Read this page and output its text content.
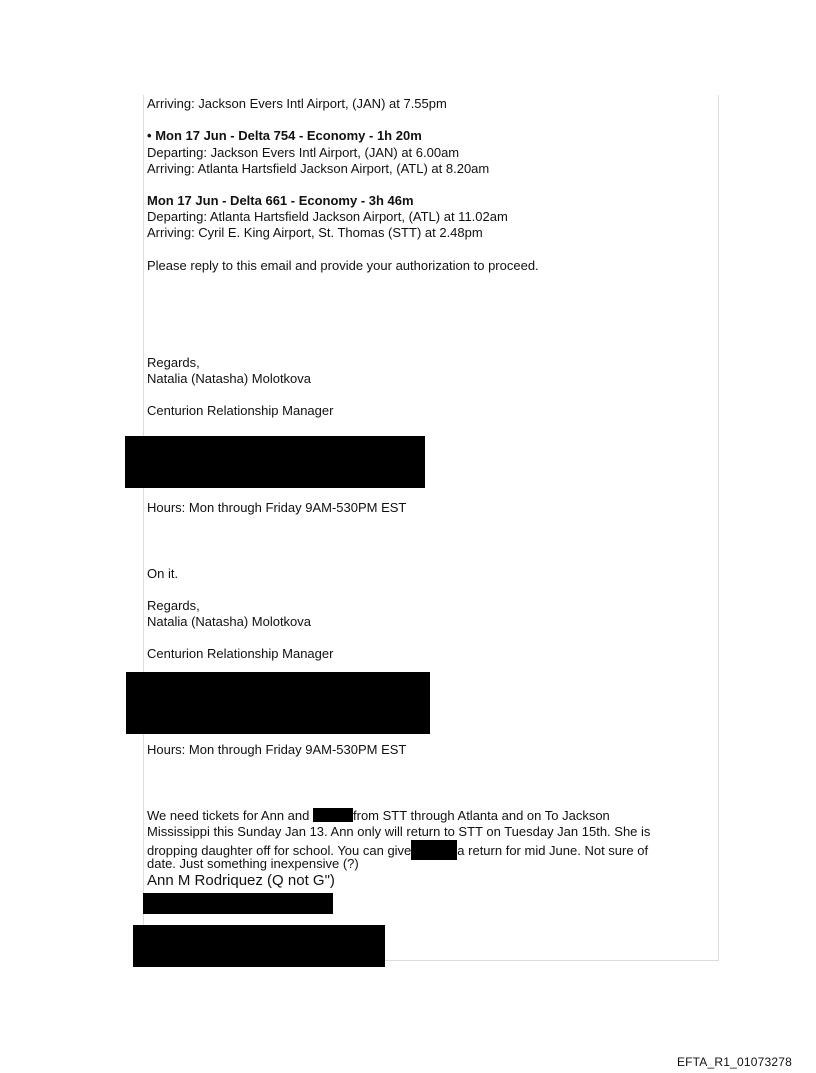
Arriving: Jackson Evers Intl Airport, (JAN) at 7.55pm
• Mon 17 Jun - Delta 754 - Economy - 1h 20m
Departing: Jackson Evers Intl Airport, (JAN) at 6.00am
Arriving: Atlanta Hartsfield Jackson Airport, (ATL) at 8.20am
Mon 17 Jun - Delta 661 - Economy - 3h 46m
Departing: Atlanta Hartsfield Jackson Airport, (ATL) at 11.02am
Arriving: Cyril E. King Airport, St. Thomas (STT) at 2.48pm
Please reply to this email and provide your authorization to proceed.
Regards,
Natalia (Natasha) Molotkova
Centurion Relationship Manager
Hours: Mon through Friday 9AM-530PM EST
On it.
Regards,
Natalia (Natasha) Molotkova
Centurion Relationship Manager
Hours: Mon through Friday 9AM-530PM EST
We need tickets for Ann and	from STT through Atlanta and on To Jackson
Mississippi this Sunday Jan 13. Ann only will return to STT on Tuesday Jan 15th. She is
dropping daughter off for school. You can give	a return for mid June. Not sure of
date. Just something inexpensive (?)
Ann M Rodriquez (Q not G")
EFTA_R1_01073278
